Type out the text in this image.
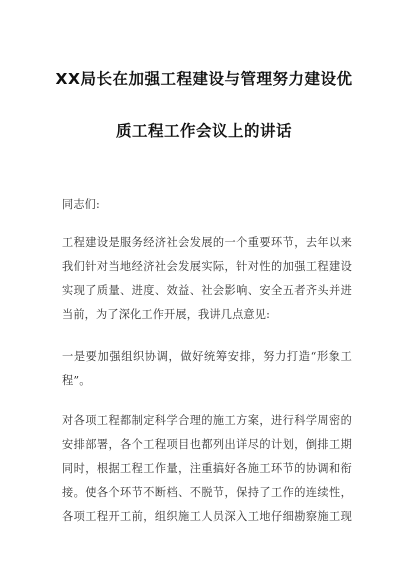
XX局长在加强工程建设与管理努力建设优
质工程工作会议上的讲话
同志们:
工程建设是服务经济社会发展的一个重要环节，去年以来
我们针对当地经济社会发展实际，针对性的加强工程建设
实现了质量、进度、效益、社会影响、安全五者齐头并进
当前，为了深化工作开展，我讲几点意见:
一是要加强组织协调，做好统筹安排，努力打造“形象工
程”。
对各项工程都制定科学合理的施工方案，进行科学周密的
安排部署，各个工程项目也都列出详尽的计划，倒排工期
同时，根据工程工作量，注重搞好各施工环节的协调和衔
接。使各个环节不断档、不脱节，保持了工作的连续性，
各项工程开工前，组织施工人员深入工地仔细勘察施工现
